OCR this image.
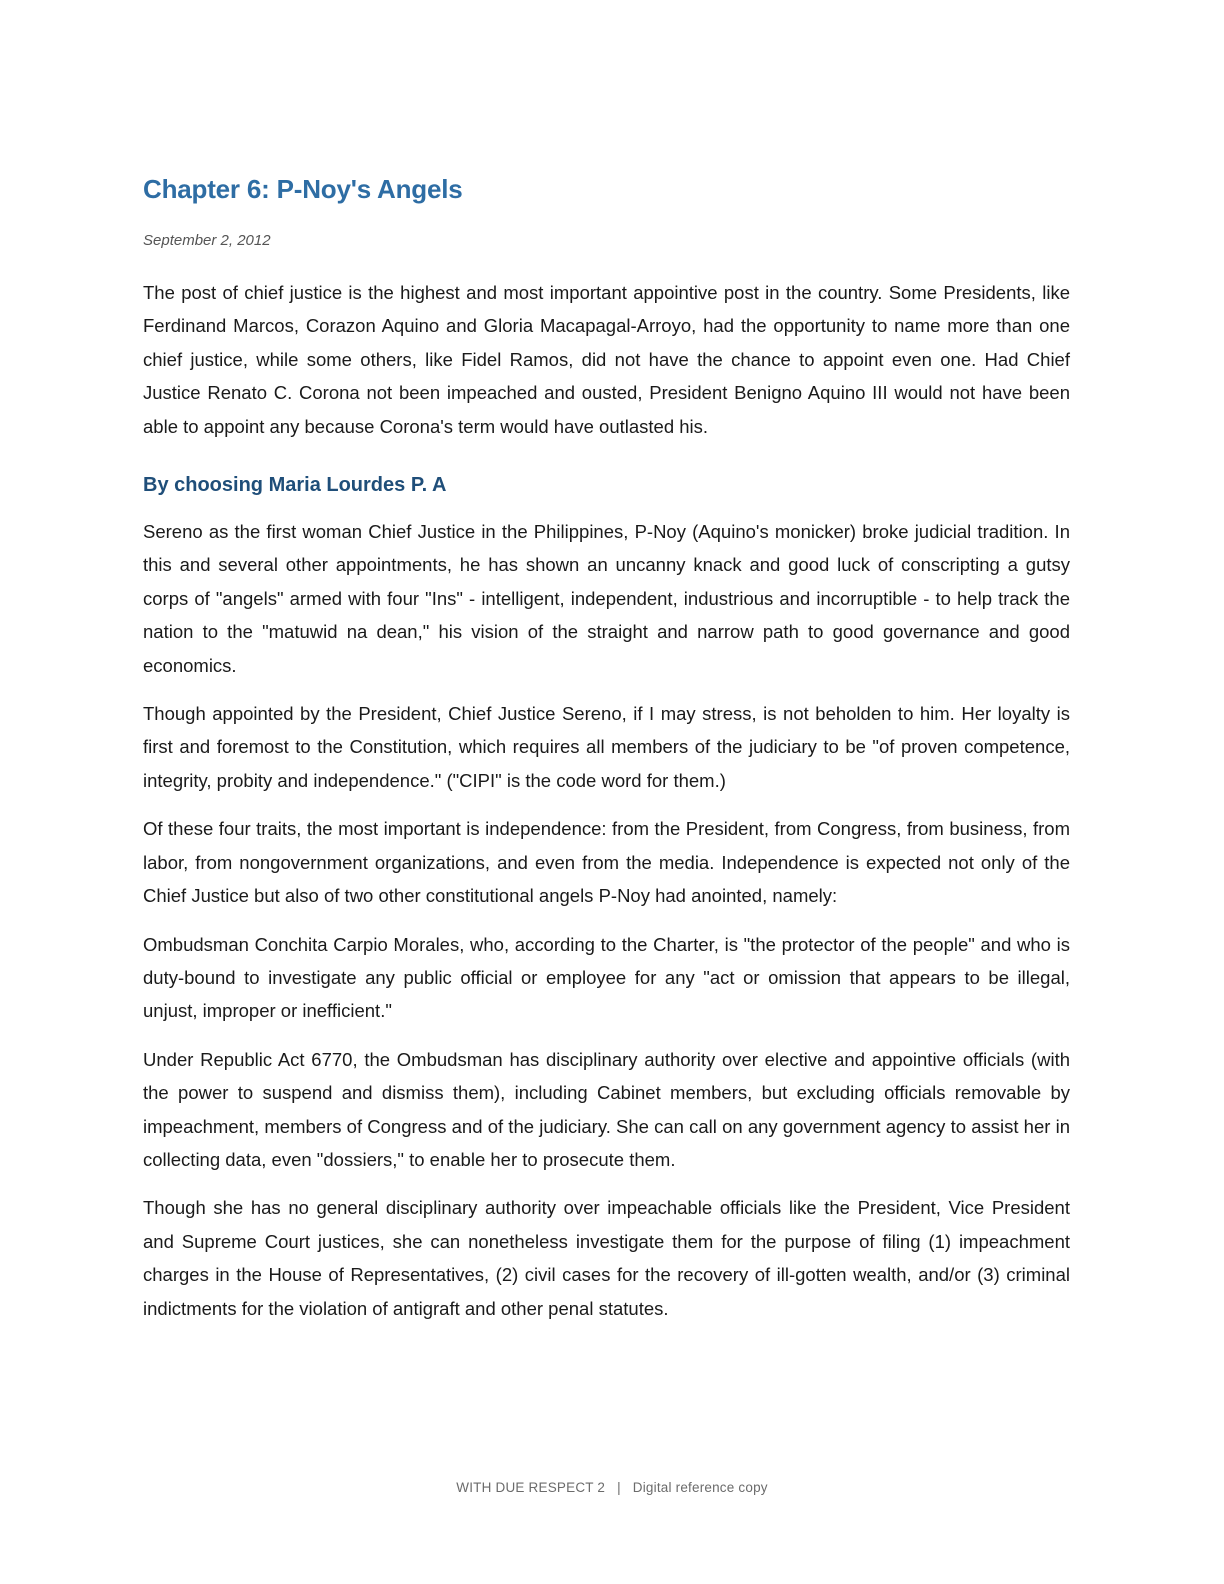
Chapter 6: P-Noy's Angels
September 2, 2012

The post of chief justice is the highest and most important appointive post in the country. Some Presidents, like Ferdinand Marcos, Corazon Aquino and Gloria Macapagal-Arroyo, had the opportunity to name more than one chief justice, while some others, like Fidel Ramos, did not have the chance to appoint even one. Had Chief Justice Renato C. Corona not been impeached and ousted, President Benigno Aquino III would not have been able to appoint any because Corona's term would have outlasted his.

By choosing Maria Lourdes P. A

Sereno as the first woman Chief Justice in the Philippines, P-Noy (Aquino's monicker) broke judicial tradition. In this and several other appointments, he has shown an uncanny knack and good luck of conscripting a gutsy corps of "angels" armed with four "Ins" - intelligent, independent, industrious and incorruptible - to help track the nation to the "matuwid na dean," his vision of the straight and narrow path to good governance and good economics.

Though appointed by the President, Chief Justice Sereno, if I may stress, is not beholden to him. Her loyalty is first and foremost to the Constitution, which requires all members of the judiciary to be "of proven competence, integrity, probity and independence." ("CIPI" is the code word for them.)

Of these four traits, the most important is independence: from the President, from Congress, from business, from labor, from nongovernment organizations, and even from the media. Independence is expected not only of the Chief Justice but also of two other constitutional angels P-Noy had anointed, namely:

Ombudsman Conchita Carpio Morales, who, according to the Charter, is "the protector of the people" and who is duty-bound to investigate any public official or employee for any "act or omission that appears to be illegal, unjust, improper or inefficient."

Under Republic Act 6770, the Ombudsman has disciplinary authority over elective and appointive officials (with the power to suspend and dismiss them), including Cabinet members, but excluding officials removable by impeachment, members of Congress and of the judiciary. She can call on any government agency to assist her in collecting data, even "dossiers," to enable her to prosecute them.

Though she has no general disciplinary authority over impeachable officials like the President, Vice President and Supreme Court justices, she can nonetheless investigate them for the purpose of filing (1) impeachment charges in the House of Representatives, (2) civil cases for the recovery of ill-gotten wealth, and/or (3) criminal indictments for the violation of antigraft and other penal statutes.

WITH DUE RESPECT 2 | Digital reference copy
